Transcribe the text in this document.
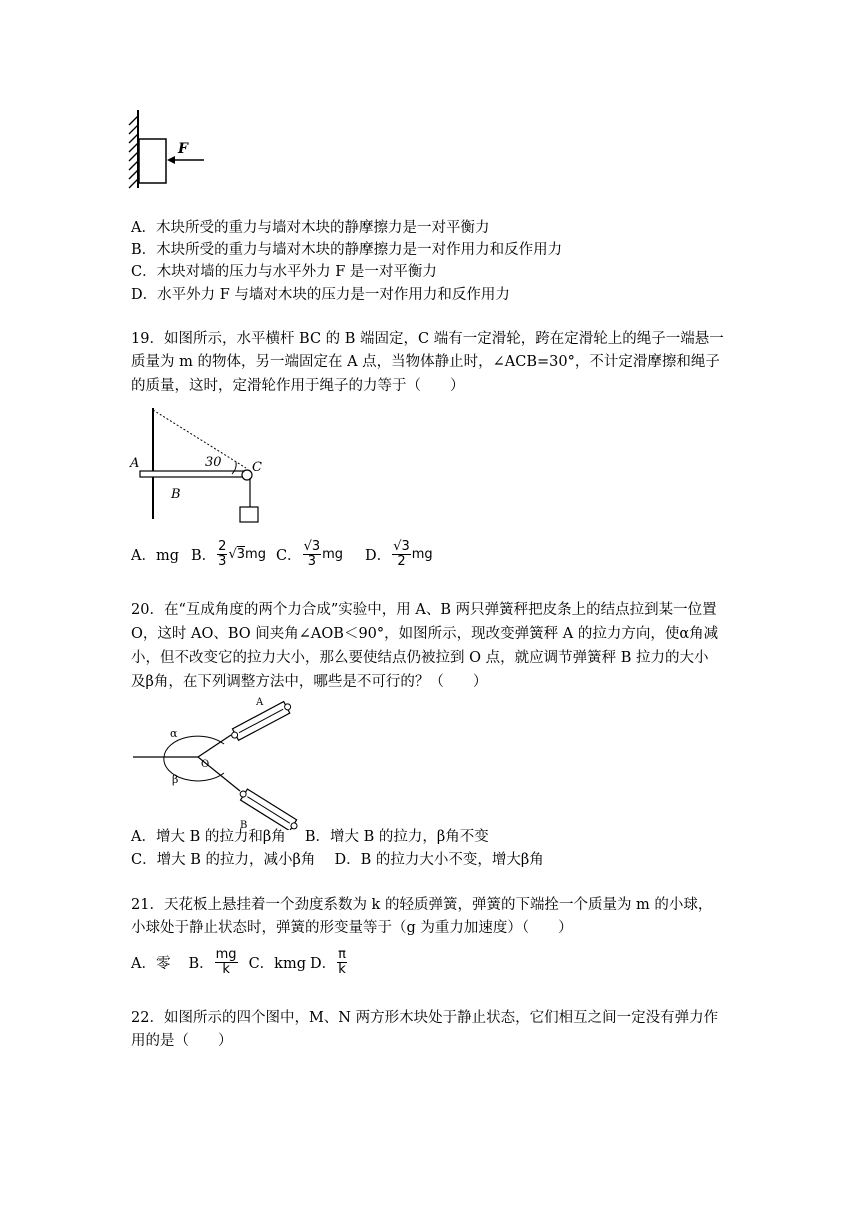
F
A．木块所受的重力与墙对木块的静摩擦力是一对平衡力
B．木块所受的重力与墙对木块的静摩擦力是一对作用力和反作用力
C．木块对墙的压力与水平外力 F 是一对平衡力
D．水平外力 F 与墙对木块的压力是一对作用力和反作用力
19．如图所示，水平横杆 BC 的 B 端固定，C 端有一定滑轮，跨在定滑轮上的绳子一端悬一
质量为 m 的物体，另一端固定在 A 点，当物体静止时，∠ACB=30°，不计定滑摩擦和绳子
的质量，这时，定滑轮作用于绳子的力等于（　　）
A
B
C
30
A．mg B． $\frac{2}{3} √3$ mg C． $\frac{√3}{3}$ mg D． $\frac{√3}{2}$ mg
20．在“互成角度的两个力合成”实验中，用 A、B 两只弹簧秤把皮条上的结点拉到某一位置
O，这时 AO、BO 间夹角∠AOB＜90°，如图所示，现改变弹簧秤 A 的拉力方向，使α角减
小，但不改变它的拉力大小，那么要使结点仍被拉到 O 点，就应调节弹簧秤 B 拉力的大小
及β角，在下列调整方法中，哪些是不可行的？（　　）
α
β
O
A
B
A．增大 B 的拉力和β角　 B．增大 B 的拉力，β角不变
C．增大 B 的拉力，减小β角　 D．B 的拉力大小不变，增大β角
21．天花板上悬挂着一个劲度系数为 k 的轻质弹簧，弹簧的下端拴一个质量为 m 的小球，
小球处于静止状态时，弹簧的形变量等于（g 为重力加速度）（　　）
A．零 B． $\frac{mg}{k}$ C．kmg D． $\frac{\pi}{k}$
22．如图所示的四个图中，M、N 两方形木块处于静止状态，它们相互之间一定没有弹力作
用的是（　　）
